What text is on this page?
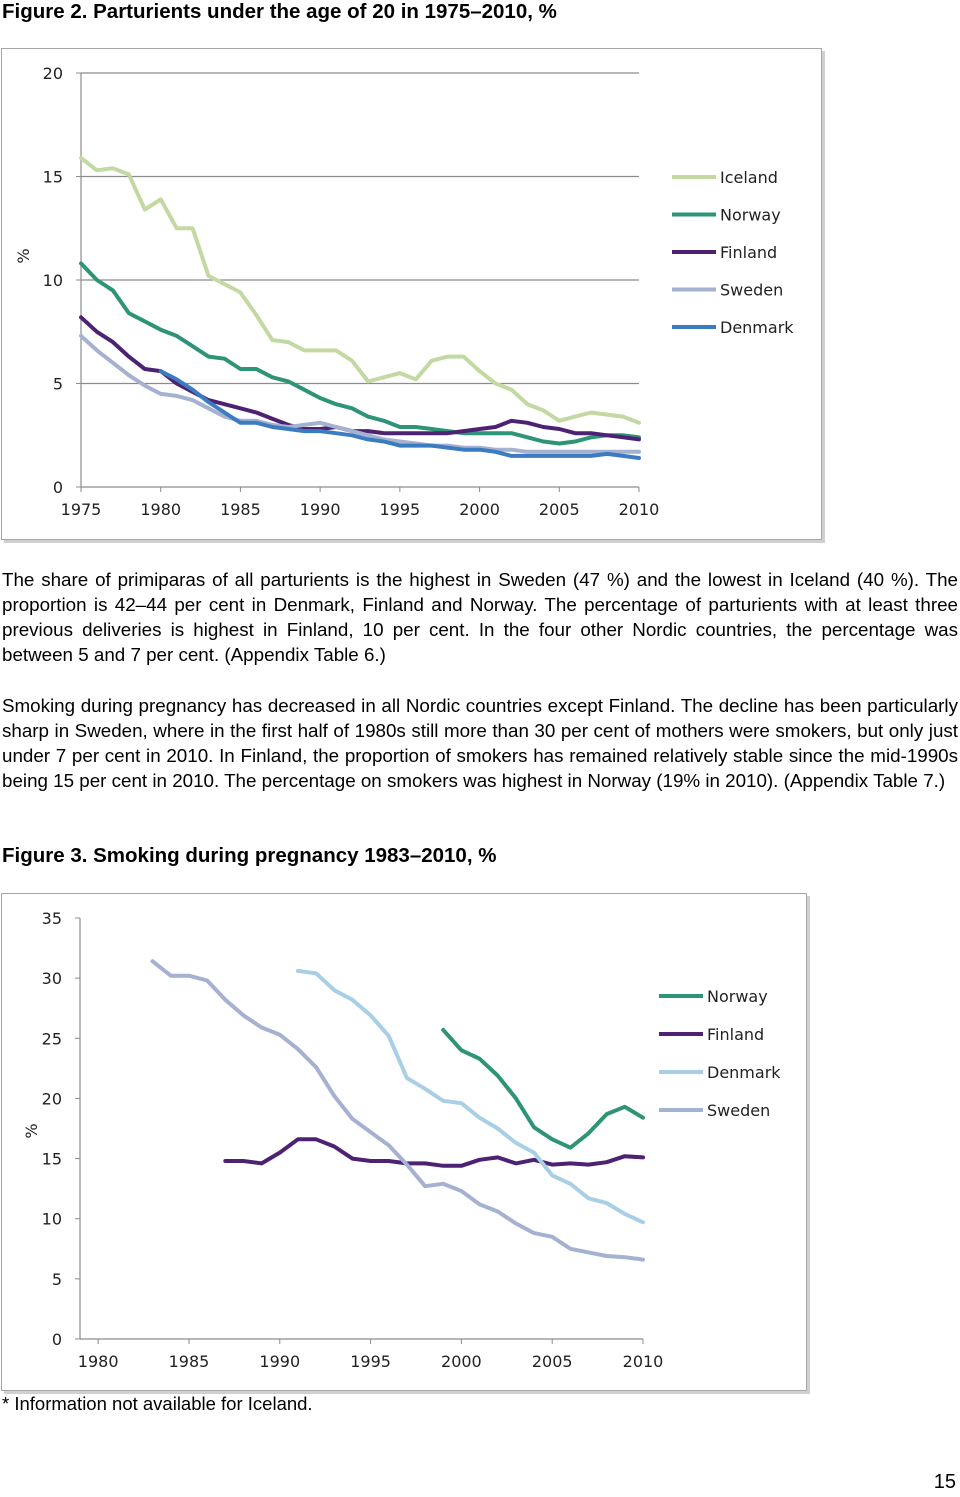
Figure 2. Parturients under the age of 20 in 1975–2010, %
0
5
10
15
20
1975 1980 1985 1990 1995 2000 2005 2010
%
Iceland
Norway
Finland
Sweden
Denmark

The share of primiparas of all parturients is the highest in Sweden (47 %) and the lowest in Iceland (40 %). The proportion is 42–44 per cent in Denmark, Finland and Norway. The percentage of parturients with at least three previous deliveries is highest in Finland, 10 per cent. In the four other Nordic countries, the percentage was between 5 and 7 per cent. (Appendix Table 6.)

Smoking during pregnancy has decreased in all Nordic countries except Finland. The decline has been particularly sharp in Sweden, where in the first half of 1980s still more than 30 per cent of mothers were smokers, but only just under 7 per cent in 2010. In Finland, the proportion of smokers has remained relatively stable since the mid-1990s being 15 per cent in 2010. The percentage on smokers was highest in Norway (19% in 2010). (Appendix Table 7.)

Figure 3. Smoking during pregnancy 1983–2010, %
0
5
10
15
20
25
30
35
1980	1985	1990	1995	2000	2005	2010
%
Norway
Finland
Denmark
Sweden
* Information not available for Iceland.
15
